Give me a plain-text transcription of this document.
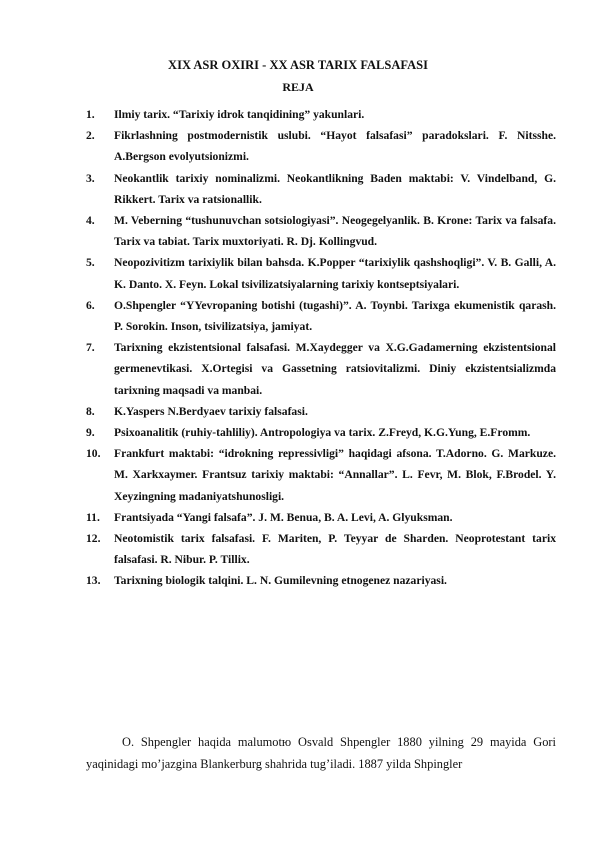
XIX ASR OXIRI - XX ASR TARIX FALSAFASI
REJA
1. Ilmiy tarix. “Tarixiy idrok tanqidining” yakunlari.
2. Fikrlashning postmodernistik uslubi. “Hayot falsafasi” paradokslari. F. Nitsshe. A.Bergson evolyutsionizmi.
3. Neokantlik tarixiy nominalizmi. Neokantlikning Baden maktabi: V. Vindelband, G. Rikkert. Tarix va ratsionallik.
4. M. Veberning “tushunuvchan sotsiologiyasi”. Neogegelyanlik. B. Krone: Tarix va falsafa. Tarix va tabiat. Tarix muxtoriyati. R. Dj. Kollingvud.
5. Neopozivitizm tarixiylik bilan bahsda. K.Popper “tarixiylik qashshoqligi”. V. B. Galli, A. K. Danto. X. Feyn. Lokal tsivilizatsiyalarning tarixiy kontseptsiyalari.
6. O.Shpengler “YYevropaning botishi (tugashi)”. A. Toynbi. Tarixga ekumenistik qarash. P. Sorokin. Inson, tsivilizatsiya, jamiyat.
7. Tarixning ekzistentsional falsafasi. M.Xaydegger va X.G.Gadamerning ekzistentsional germenevtikasi. X.Ortegisi va Gassetning ratsiovitalizmi. Diniy ekzistentsializmda tarixning maqsadi va manbai.
8. K.Yaspers N.Berdyaev tarixiy falsafasi.
9. Psixoanalitik (ruhiy-tahliliy). Antropologiya va tarix. Z.Freyd, K.G.Yung, E.Fromm.
10. Frankfurt maktabi: “idrokning repressivligi” haqidagi afsona. T.Adorno. G. Markuze. M. Xarkxaymer. Frantsuz tarixiy maktabi: “Annallar”. L. Fevr, M. Blok, F.Brodel. Y. Xeyzingning madaniyatshunosligi.
11. Frantsiyada “Yangi falsafa”. J. M. Benua, B. A. Levi, A. Glyuksman.
12. Neotomistik tarix falsafasi. F. Mariten, P. Teyyar de Sharden. Neoprotestant tarix falsafasi. R. Nibur. P. Tillix.
13. Tarixning biologik talqini. L. N. Gumilevning etnogenez nazariyasi.

O. Shpengler haqida malumotю Osvald Shpengler 1880 yilning 29 mayida Gori yaqinidagi mo’jazgina Blankerburg shahrida tug’iladi. 1887 yilda Shpingler
